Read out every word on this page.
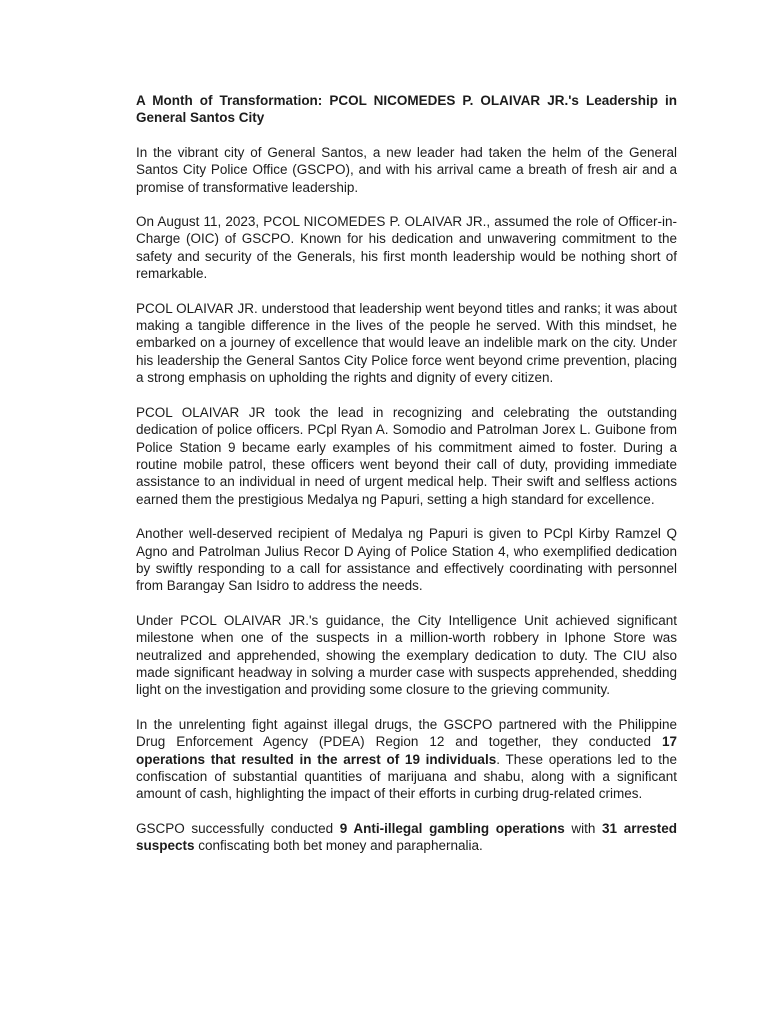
A Month of Transformation: PCOL NICOMEDES P. OLAIVAR JR.'s Leadership in General Santos City

In the vibrant city of General Santos, a new leader had taken the helm of the General Santos City Police Office (GSCPO), and with his arrival came a breath of fresh air and a promise of transformative leadership.

On August 11, 2023, PCOL NICOMEDES P. OLAIVAR JR., assumed the role of Officer-in-Charge (OIC) of GSCPO. Known for his dedication and unwavering commitment to the safety and security of the Generals, his first month leadership would be nothing short of remarkable.

PCOL OLAIVAR JR. understood that leadership went beyond titles and ranks; it was about making a tangible difference in the lives of the people he served. With this mindset, he embarked on a journey of excellence that would leave an indelible mark on the city. Under his leadership the General Santos City Police force went beyond crime prevention, placing a strong emphasis on upholding the rights and dignity of every citizen.

PCOL OLAIVAR JR took the lead in recognizing and celebrating the outstanding dedication of police officers. PCpl Ryan A. Somodio and Patrolman Jorex L. Guibone from Police Station 9 became early examples of his commitment aimed to foster. During a routine mobile patrol, these officers went beyond their call of duty, providing immediate assistance to an individual in need of urgent medical help. Their swift and selfless actions earned them the prestigious Medalya ng Papuri, setting a high standard for excellence.

Another well-deserved recipient of Medalya ng Papuri is given to PCpl Kirby Ramzel Q Agno and Patrolman Julius Recor D Aying of Police Station 4, who exemplified dedication by swiftly responding to a call for assistance and effectively coordinating with personnel from Barangay San Isidro to address the needs.

Under PCOL OLAIVAR JR.'s guidance, the City Intelligence Unit achieved significant milestone when one of the suspects in a million-worth robbery in Iphone Store was neutralized and apprehended, showing the exemplary dedication to duty. The CIU also made significant headway in solving a murder case with suspects apprehended, shedding light on the investigation and providing some closure to the grieving community.

In the unrelenting fight against illegal drugs, the GSCPO partnered with the Philippine Drug Enforcement Agency (PDEA) Region 12 and together, they conducted 17 operations that resulted in the arrest of 19 individuals. These operations led to the confiscation of substantial quantities of marijuana and shabu, along with a significant amount of cash, highlighting the impact of their efforts in curbing drug-related crimes.

GSCPO successfully conducted 9 Anti-illegal gambling operations with 31 arrested suspects confiscating both bet money and paraphernalia.
